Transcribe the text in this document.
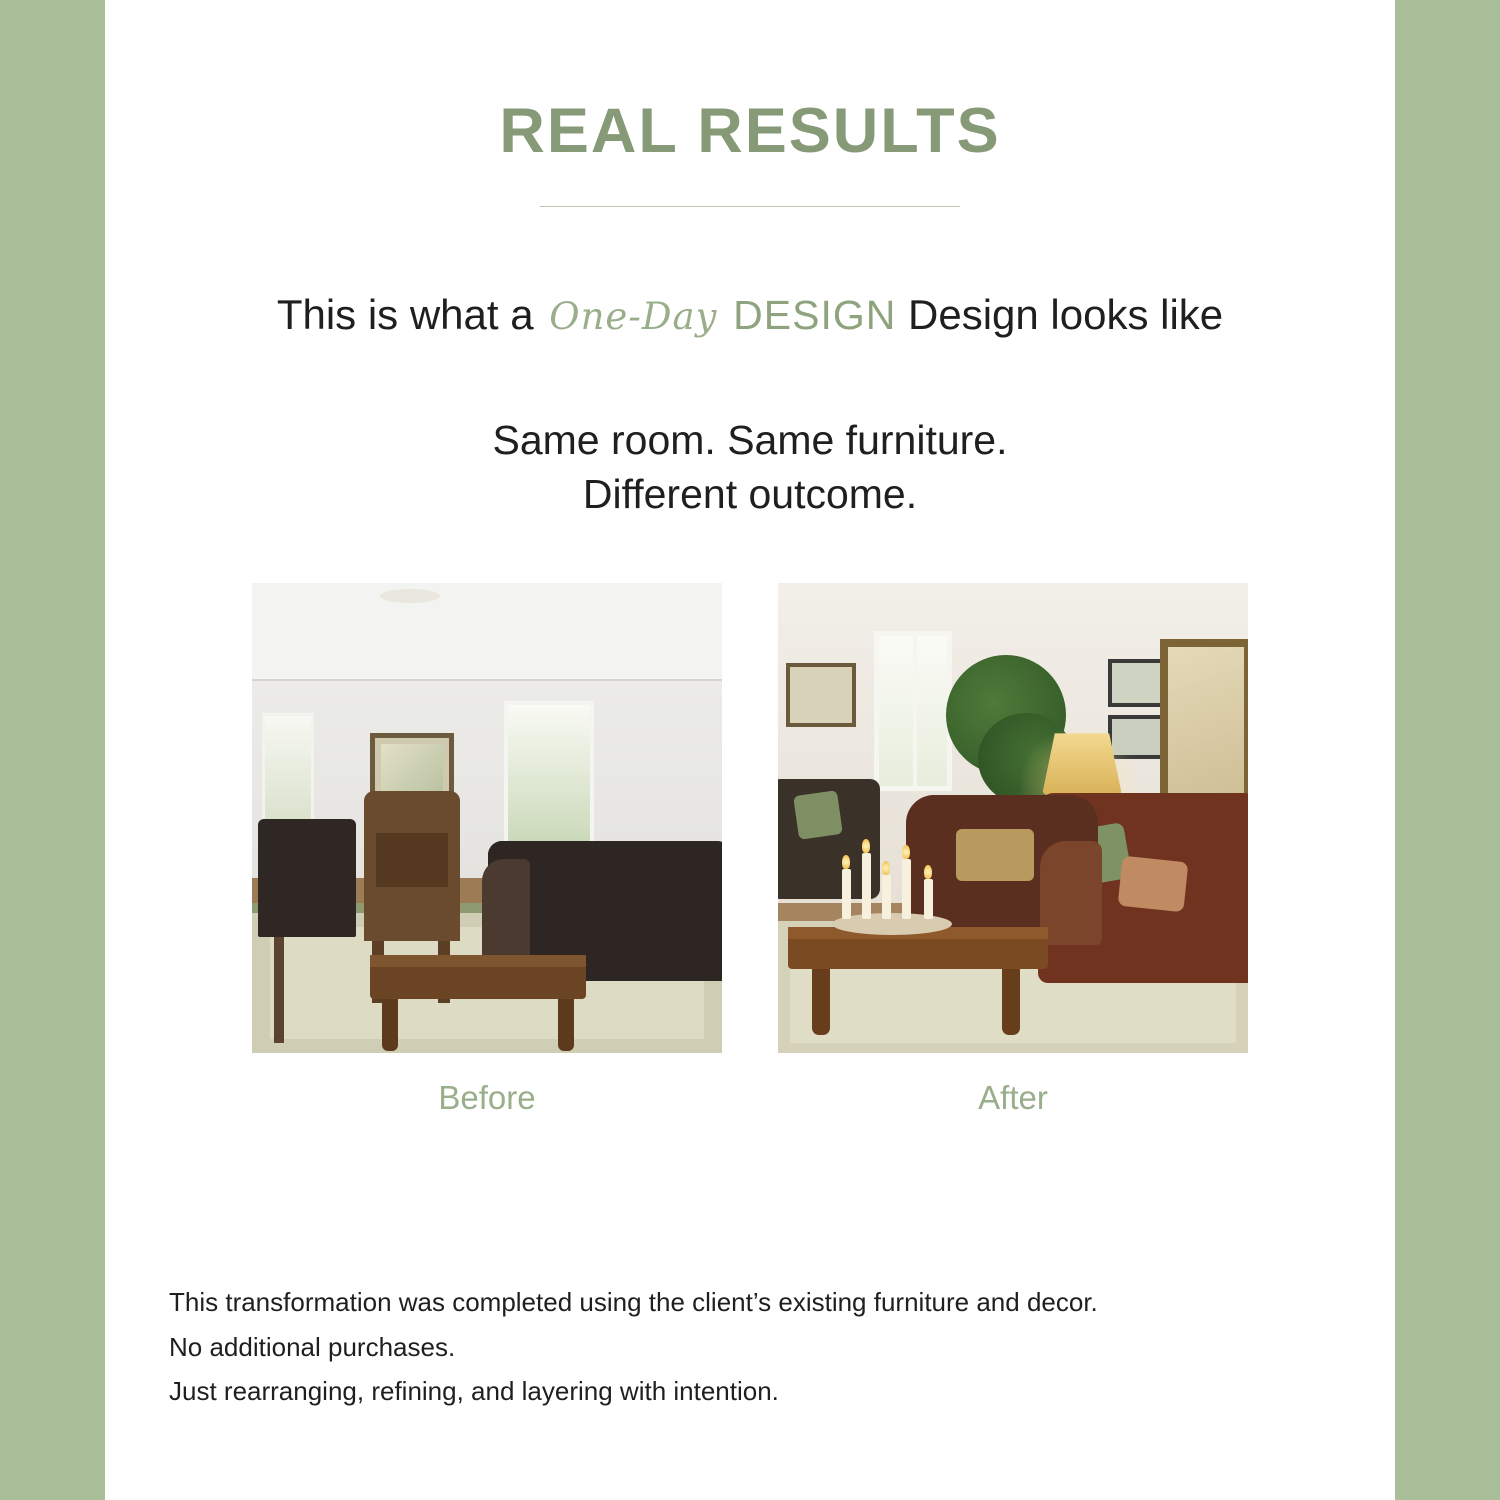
REAL RESULTS
This is what a One-Day DESIGN Design looks like
Same room. Same furniture.
Different outcome.
Before	After

This transformation was completed using the client’s existing furniture and decor.

No additional purchases.

Just rearranging, refining, and layering with intention.
